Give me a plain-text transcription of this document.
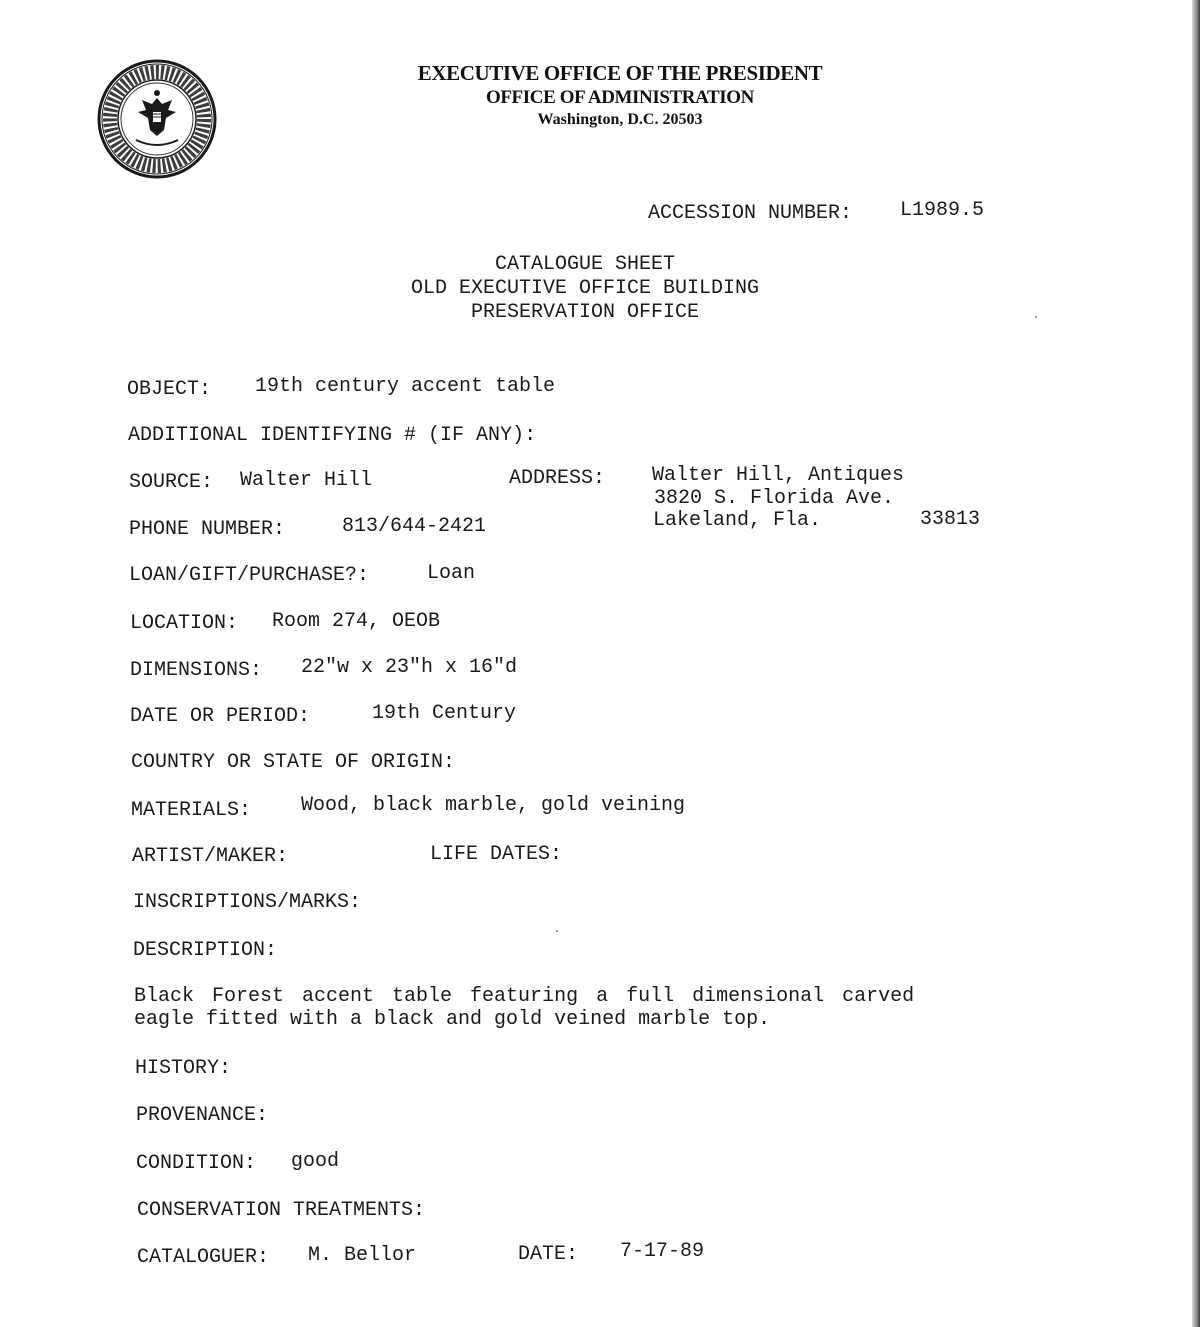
EXECUTIVE OFFICE OF THE PRESIDENT
OFFICE OF ADMINISTRATION
Washington, D.C. 20503
ACCESSION NUMBER: L1989.5
CATALOGUE SHEET
OLD EXECUTIVE OFFICE BUILDING
PRESERVATION OFFICE
OBJECT: 19th century accent table
ADDITIONAL IDENTIFYING # (IF ANY):
SOURCE: Walter Hill	ADDRESS: Walter Hill, Antiques
3820 S. Florida Ave.
Lakeland, Fla.	33813
PHONE NUMBER:	813/644-2421
LOAN/GIFT/PURCHASE?:	Loan
LOCATION: Room 274, OEOB
DIMENSIONS: 22"w x 23"h x 16"d
DATE OR PERIOD:	19th Century
COUNTRY OR STATE OF ORIGIN:
MATERIALS: Wood, black marble, gold veining
ARTIST/MAKER:	LIFE DATES:
INSCRIPTIONS/MARKS:
DESCRIPTION:
Black Forest accent table featuring a full dimensional carved
eagle fitted with a black and gold veined marble top.
HISTORY:
PROVENANCE:
CONDITION: good
CONSERVATION TREATMENTS:
CATALOGUER: M. Bellor	DATE: 7-17-89
